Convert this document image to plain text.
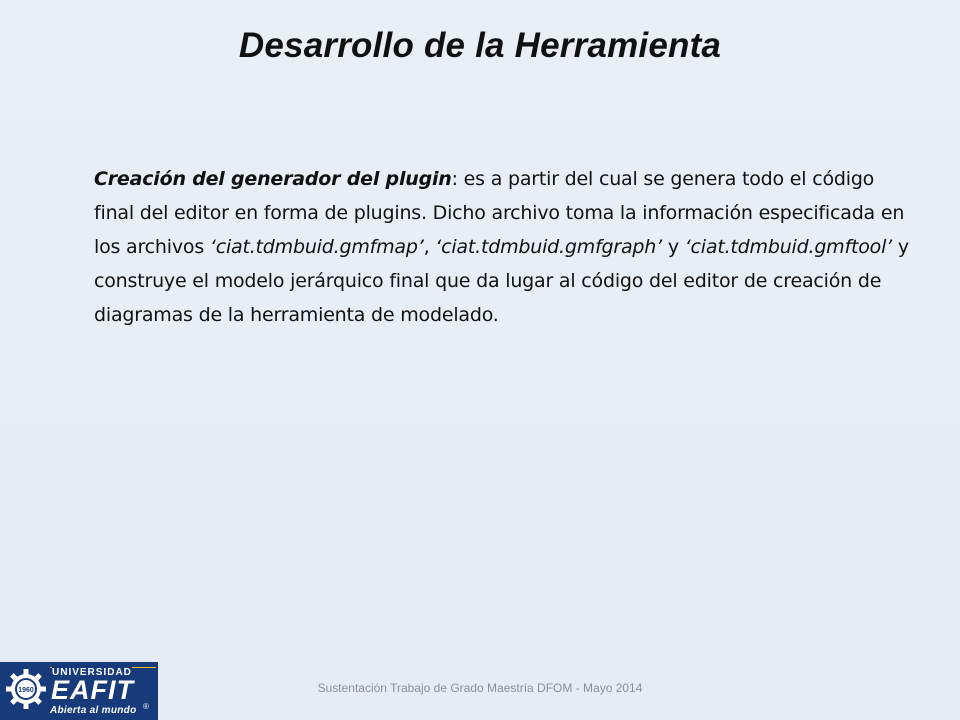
Desarrollo de la Herramienta
Creación del generador del plugin: es a partir del cual se genera todo el código final del editor en forma de plugins. Dicho archivo toma la información especificada en los archivos ‘ciat.tdmbuid.gmfmap’, ‘ciat.tdmbuid.gmfgraph’ y ‘ciat.tdmbuid.gmftool’ y construye el modelo jerárquico final que da lugar al código del editor de creación de diagramas de la herramienta de modelado.
Sustentación Trabajo de Grado Maestría DFOM - Mayo 2014
1960
UNIVERSIDAD
EAFIT
®
Abierta al mundo
